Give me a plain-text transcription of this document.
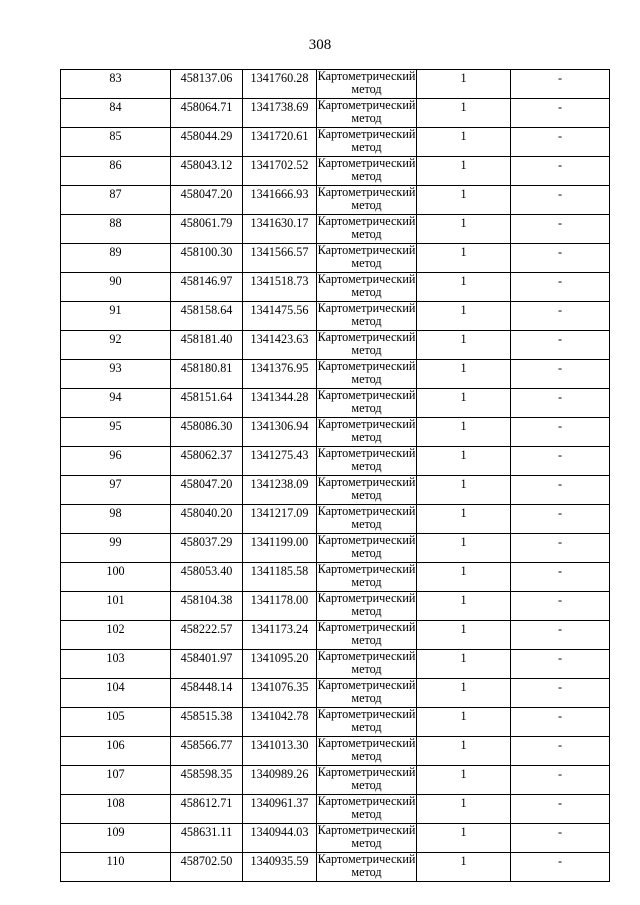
308
83	458137.06	1341760.28	Картометрический метод	1	-
84	458064.71	1341738.69	Картометрический метод	1	-
85	458044.29	1341720.61	Картометрический метод	1	-
86	458043.12	1341702.52	Картометрический метод	1	-
87	458047.20	1341666.93	Картометрический метод	1	-
88	458061.79	1341630.17	Картометрический метод	1	-
89	458100.30	1341566.57	Картометрический метод	1	-
90	458146.97	1341518.73	Картометрический метод	1	-
91	458158.64	1341475.56	Картометрический метод	1	-
92	458181.40	1341423.63	Картометрический метод	1	-
93	458180.81	1341376.95	Картометрический метод	1	-
94	458151.64	1341344.28	Картометрический метод	1	-
95	458086.30	1341306.94	Картометрический метод	1	-
96	458062.37	1341275.43	Картометрический метод	1	-
97	458047.20	1341238.09	Картометрический метод	1	-
98	458040.20	1341217.09	Картометрический метод	1	-
99	458037.29	1341199.00	Картометрический метод	1	-
100	458053.40	1341185.58	Картометрический метод	1	-
101	458104.38	1341178.00	Картометрический метод	1	-
102	458222.57	1341173.24	Картометрический метод	1	-
103	458401.97	1341095.20	Картометрический метод	1	-
104	458448.14	1341076.35	Картометрический метод	1	-
105	458515.38	1341042.78	Картометрический метод	1	-
106	458566.77	1341013.30	Картометрический метод	1	-
107	458598.35	1340989.26	Картометрический метод	1	-
108	458612.71	1340961.37	Картометрический метод	1	-
109	458631.11	1340944.03	Картометрический метод	1	-
110	458702.50	1340935.59	Картометрический метод	1	-
